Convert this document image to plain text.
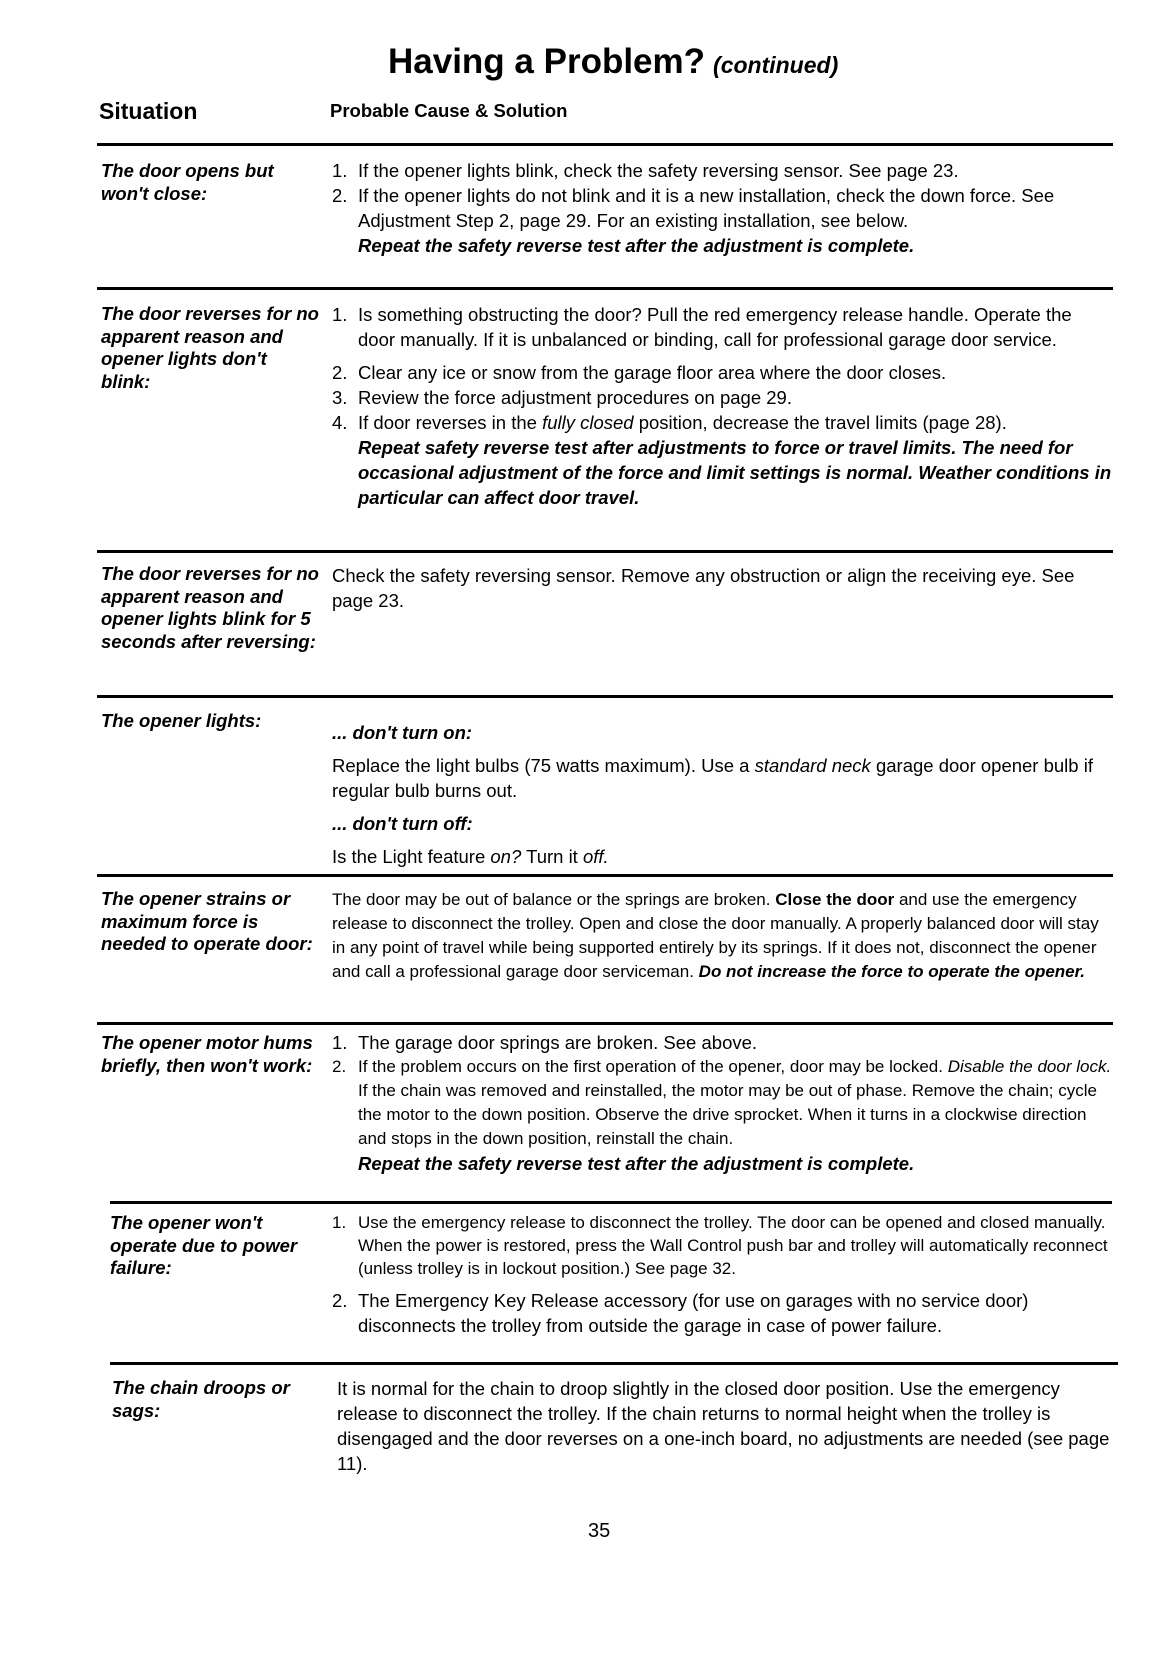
Having a Problem? (continued)
Situation	Probable Cause & Solution
The door opens but won't close:
1. If the opener lights blink, check the safety reversing sensor. See page 23.
2. If the opener lights do not blink and it is a new installation, check the down force. See Adjustment Step 2, page 29. For an existing installation, see below.
Repeat the safety reverse test after the adjustment is complete.
The door reverses for no apparent reason and opener lights don't blink:
1. Is something obstructing the door? Pull the red emergency release handle. Operate the door manually. If it is unbalanced or binding, call for professional garage door service.
2. Clear any ice or snow from the garage floor area where the door closes.
3. Review the force adjustment procedures on page 29.
4. If door reverses in the fully closed position, decrease the travel limits (page 28).
Repeat safety reverse test after adjustments to force or travel limits. The need for occasional adjustment of the force and limit settings is normal. Weather conditions in particular can affect door travel.
The door reverses for no apparent reason and opener lights blink for 5 seconds after reversing:
Check the safety reversing sensor. Remove any obstruction or align the receiving eye. See page 23.
The opener lights:
... don't turn on:
Replace the light bulbs (75 watts maximum). Use a standard neck garage door opener bulb if regular bulb burns out.
... don't turn off:
Is the Light feature on? Turn it off.
The opener strains or maximum force is needed to operate door:
The door may be out of balance or the springs are broken. Close the door and use the emergency release to disconnect the trolley. Open and close the door manually. A properly balanced door will stay in any point of travel while being supported entirely by its springs. If it does not, disconnect the opener and call a professional garage door serviceman. Do not increase the force to operate the opener.
The opener motor hums briefly, then won't work:
1. The garage door springs are broken. See above.
2. If the problem occurs on the first operation of the opener, door may be locked. Disable the door lock. If the chain was removed and reinstalled, the motor may be out of phase. Remove the chain; cycle the motor to the down position. Observe the drive sprocket. When it turns in a clockwise direction and stops in the down position, reinstall the chain.
Repeat the safety reverse test after the adjustment is complete.
The opener won't operate due to power failure:
1. Use the emergency release to disconnect the trolley. The door can be opened and closed manually. When the power is restored, press the Wall Control push bar and trolley will automatically reconnect (unless trolley is in lockout position.) See page 32.
2. The Emergency Key Release accessory (for use on garages with no service door) disconnects the trolley from outside the garage in case of power failure.
The chain droops or sags:
It is normal for the chain to droop slightly in the closed door position. Use the emergency release to disconnect the trolley. If the chain returns to normal height when the trolley is disengaged and the door reverses on a one-inch board, no adjustments are needed (see page 11).
35
